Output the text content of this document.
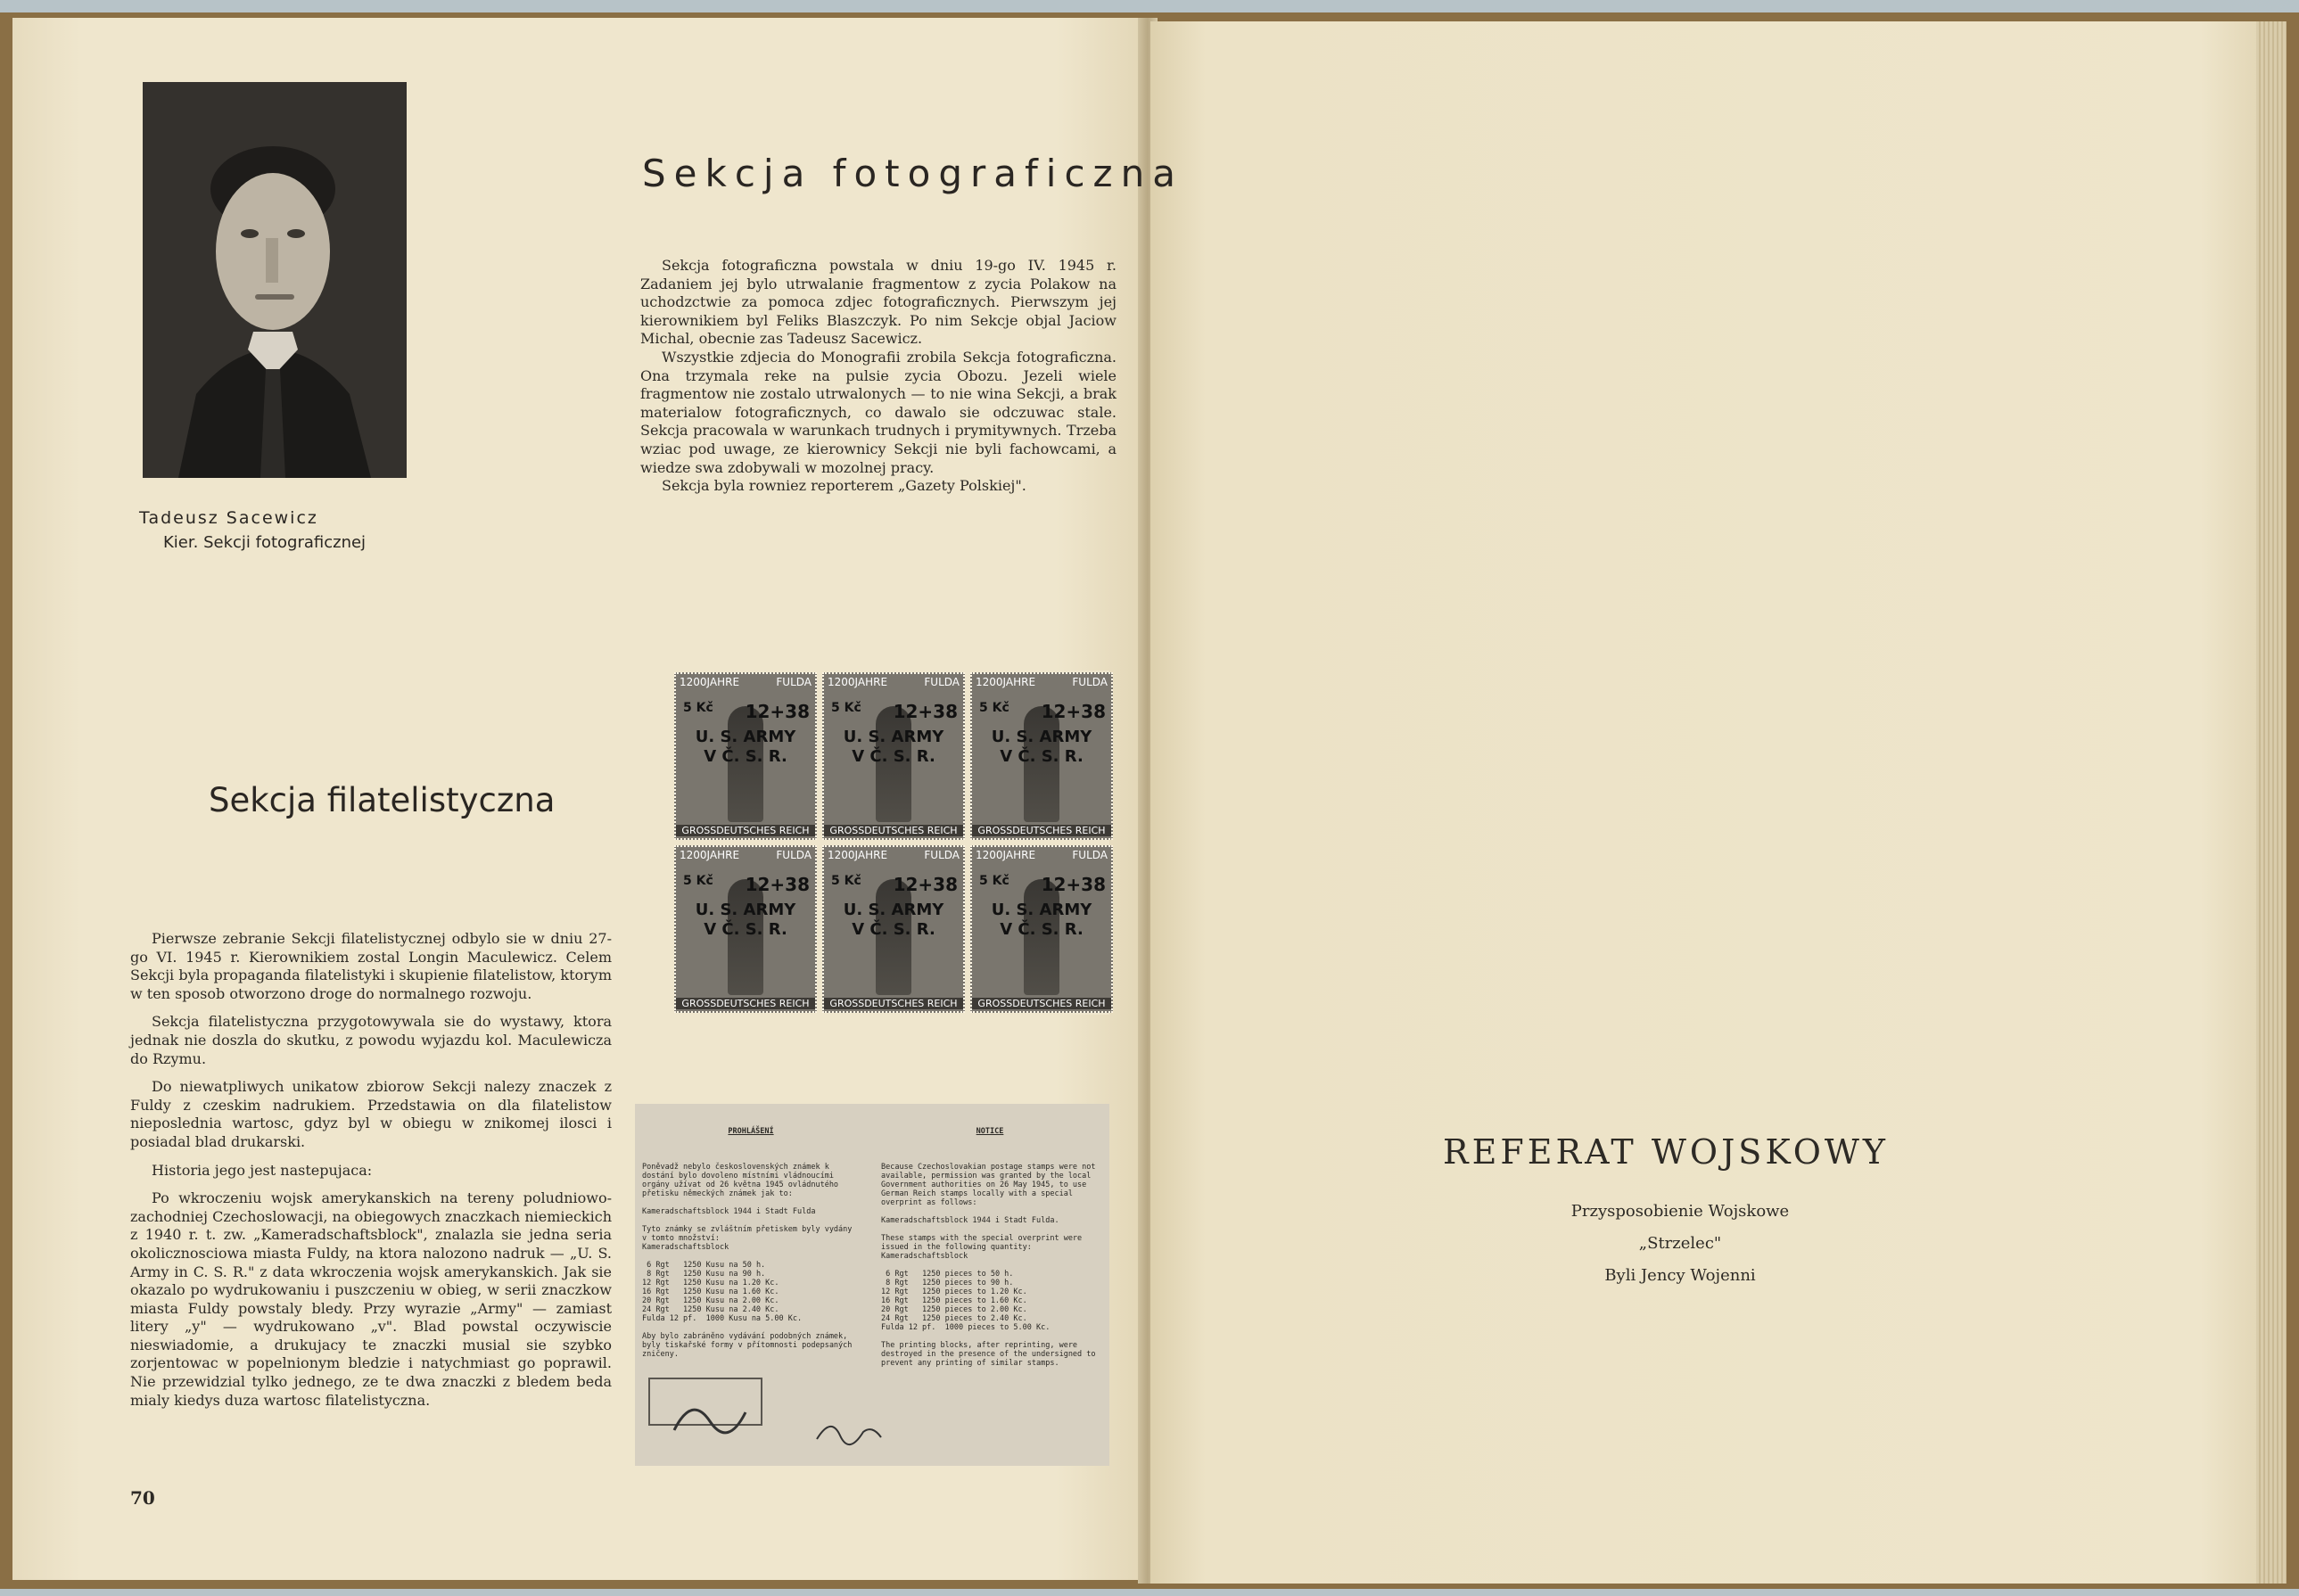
Tadeusz Sacewicz
Kier. Sekcji fotograficznej
Sekcja fotograficzna

Sekcja fotograficzna powstala w dniu 19-go IV. 1945 r. Zadaniem jej bylo utrwalanie fragmentow z zycia Polakow na uchodzctwie za pomoca zdjec fotograficznych. Pierwszym jej kierownikiem byl Feliks Blaszczyk. Po nim Sekcje objal Jaciow Michal, obecnie zas Tadeusz Sacewicz.

Wszystkie zdjecia do Monografii zrobila Sekcja fotograficzna. Ona trzymala reke na pulsie zycia Obozu. Jezeli wiele fragmentow nie zostalo utrwalonych — to nie wina Sekcji, a brak materialow fotograficznych, co dawalo sie odczuwac stale. Sekcja pracowala w warunkach trudnych i prymitywnych. Trzeba wziac pod uwage, ze kierownicy Sekcji nie byli fachowcami, a wiedze swa zdobywali w mozolnej pracy.

Sekcja byla rowniez reporterem „Gazety Polskiej".

Sekcja filatelistyczna

Pierwsze zebranie Sekcji filatelistycznej odbylo sie w dniu 27-go VI. 1945 r. Kierownikiem zostal Longin Maculewicz. Celem Sekcji byla propaganda filatelistyki i skupienie filatelistow, ktorym w ten sposob otworzono droge do normalnego rozwoju.

Sekcja filatelistyczna przygotowywala sie do wystawy, ktora jednak nie doszla do skutku, z powodu wyjazdu kol. Maculewicza do Rzymu.

Do niewatpliwych unikatow zbiorow Sekcji nalezy znaczek z Fuldy z czeskim nadrukiem. Przedstawia on dla filatelistow nieposlednia wartosc, gdyz byl w obiegu w znikomej ilosci i posiadal blad drukarski.

Historia jego jest nastepujaca:

Po wkroczeniu wojsk amerykanskich na tereny poludniowo-zachodniej Czechoslowacji, na obiegowych znaczkach niemieckich z 1940 r. t. zw. „Kameradschaftsblock", znalazla sie jedna seria okolicznosciowa miasta Fuldy, na ktora nalozono nadruk — „U. S. Army in C. S. R." z data wkroczenia wojsk amerykanskich. Jak sie okazalo po wydrukowaniu i puszczeniu w obieg, w serii znaczkow miasta Fuldy powstaly bledy. Przy wyrazie „Army" — zamiast litery „y" — wydrukowano „v". Blad powstal oczywiscie nieswiadomie, a drukujacy te znaczki musial sie szybko zorjentowac w popelnionym bledzie i natychmiast go poprawil. Nie przewidzial tylko jednego, ze te dwa znaczki z bledem beda mialy kiedys duza wartosc filatelistyczna.

1200JAHRE	FULDA
5 Kč 12+38
U. S. ARMY
V Č. S. R.
GROSSDEUTSCHES REICH
1200JAHRE	FULDA
5 Kč 12+38
U. S. ARMY
V Č. S. R.
GROSSDEUTSCHES REICH
1200JAHRE	FULDA
5 Kč 12+38
U. S. ARMY
V Č. S. R.
GROSSDEUTSCHES REICH
1200JAHRE	FULDA
5 Kč 12+38
U. S. ARMY
V Č. S. R.
GROSSDEUTSCHES REICH
1200JAHRE	FULDA
5 Kč 12+38
U. S. ARMY
V Č. S. R.
GROSSDEUTSCHES REICH
1200JAHRE	FULDA
5 Kč 12+38
U. S. ARMY
V Č. S. R.
GROSSDEUTSCHES REICH

PROHLÁŠENÍ

Poněvadž nebylo československých známek k dostání bylo dovoleno místními vládnoucími orgány užívat od 26 května 1945 ovládnutého přetisku německých známek jak to:

Kameradschaftsblock 1944 i Stadt Fulda

Tyto známky se zvláštním přetiskem byly vydány v tomto množství:
Kameradschaftsblock

6 Rgt   1250 Kusu na 50 h.
8 Rgt   1250 Kusu na 90 h.
12 Rgt   1250 Kusu na 1.20 Kc.
16 Rgt   1250 Kusu na 1.60 Kc.
20 Rgt   1250 Kusu na 2.00 Kc.
24 Rgt   1250 Kusu na 2.40 Kc.
Fulda 12 pf.  1000 Kusu na 5.00 Kc.

Aby bylo zabráněno vydávání podobných známek, byly tiskařské formy v přítomnosti podepsaných zničeny.

NOTICE

Because Czechoslovakian postage stamps were not available, permission was granted by the local Government authorities on 26 May 1945, to use German Reich stamps locally with a special overprint as follows:

Kameradschaftsblock 1944 i Stadt Fulda.

These stamps with the special overprint were issued in the following quantity:
Kameradschaftsblock

6 Rgt   1250 pieces to 50 h.
8 Rgt   1250 pieces to 90 h.
12 Rgt   1250 pieces to 1.20 Kc.
16 Rgt   1250 pieces to 1.60 Kc.
20 Rgt   1250 pieces to 2.00 Kc.
24 Rgt   1250 pieces to 2.40 Kc.
Fulda 12 pf.  1000 pieces to 5.00 Kc.

The printing blocks, after reprinting, were destroyed in the presence of the undersigned to prevent any printing of similar stamps.

70
REFERAT WOJSKOWY
Przysposobienie Wojskowe
„Strzelec"
Byli Jency Wojenni
